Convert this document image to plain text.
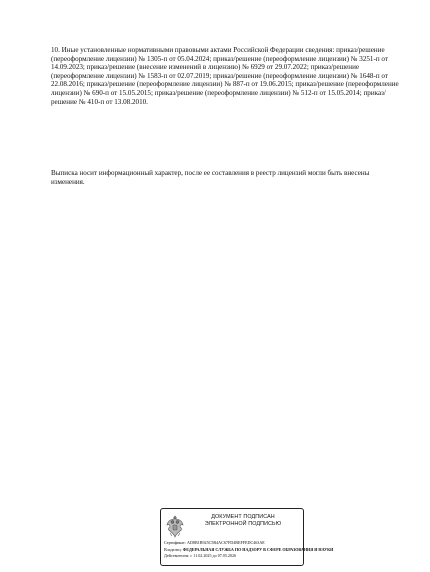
10. Иные установленные нормативными правовыми актами Российской Федерации сведения: приказ/решение (переоформление лицензии) № 1305-п от 05.04.2024; приказ/решение (переоформление лицензии) № 3251-п от 14.09.2023; приказ/решение (внесение изменений в лицензию) № 6929 от 29.07.2022; приказ/решение (переоформление лицензии) № 1583-п от 02.07.2019; приказ/решение (переоформление лицензии) № 1648-п от 22.08.2016; приказ/решение (переоформление лицензии) № 887-п от 19.06.2015; приказ/решение (переоформление лицензии) № 690-п от 15.05.2015; приказ/решение (переоформление лицензии) № 512-п от 15.05.2014; приказ/решение № 410-п от 13.08.2010.

Выписка носит информационный характер, после ее составления в реестр лицензий могли быть внесены изменения.

ДОКУМЕНТ ПОДПИСАН
ЭЛЕКТРОННОЙ ПОДПИСЬЮ
Сертификат: AD8B1B925C5B4AC67FD4BEFFEDC463AE
Владелец: ФЕДЕРАЛЬНАЯ СЛУЖБА ПО НАДЗОРУ В СФЕРЕ ОБРАЗОВАНИЯ И НАУКИ
Действителен: с 11.02.2025 до 07.05.2026
